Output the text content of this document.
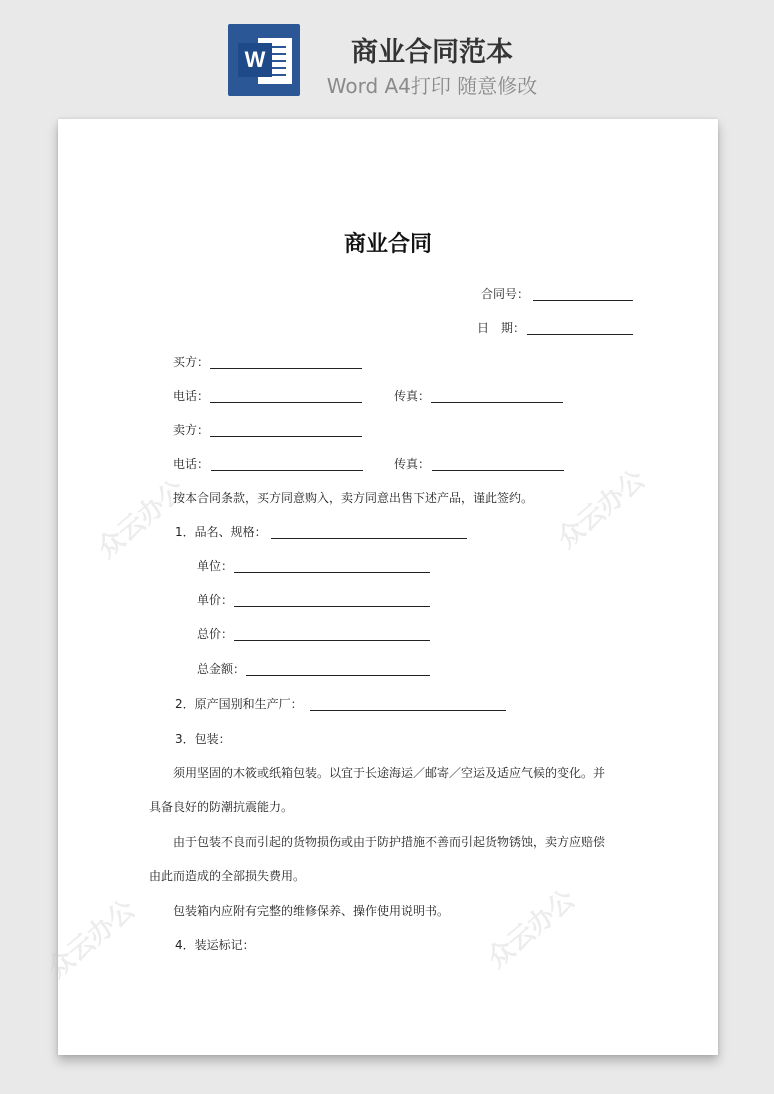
W	商业合同范本
Word A4打印 随意修改
众云办公	众云办公
众云办公	众云办公
商业合同
合同号：
日　期：
买方：
电话：	传真：
卖方：
电话：	传真：
按本合同条款，买方同意购入，卖方同意出售下述产品，谨此签约。
1．品名、规格：
单位：
单价：
总价：
总金额：
2．原产国别和生产厂：
3．包装：
须用坚固的木筱或纸箱包装。以宜于长途海运／邮寄／空运及适应气候的变化。并
具备良好的防潮抗震能力。
由于包装不良而引起的货物损伤或由于防护措施不善而引起货物锈蚀，卖方应赔偿
由此而造成的全部损失费用。
包装箱内应附有完整的维修保养、操作使用说明书。
4．装运标记：
